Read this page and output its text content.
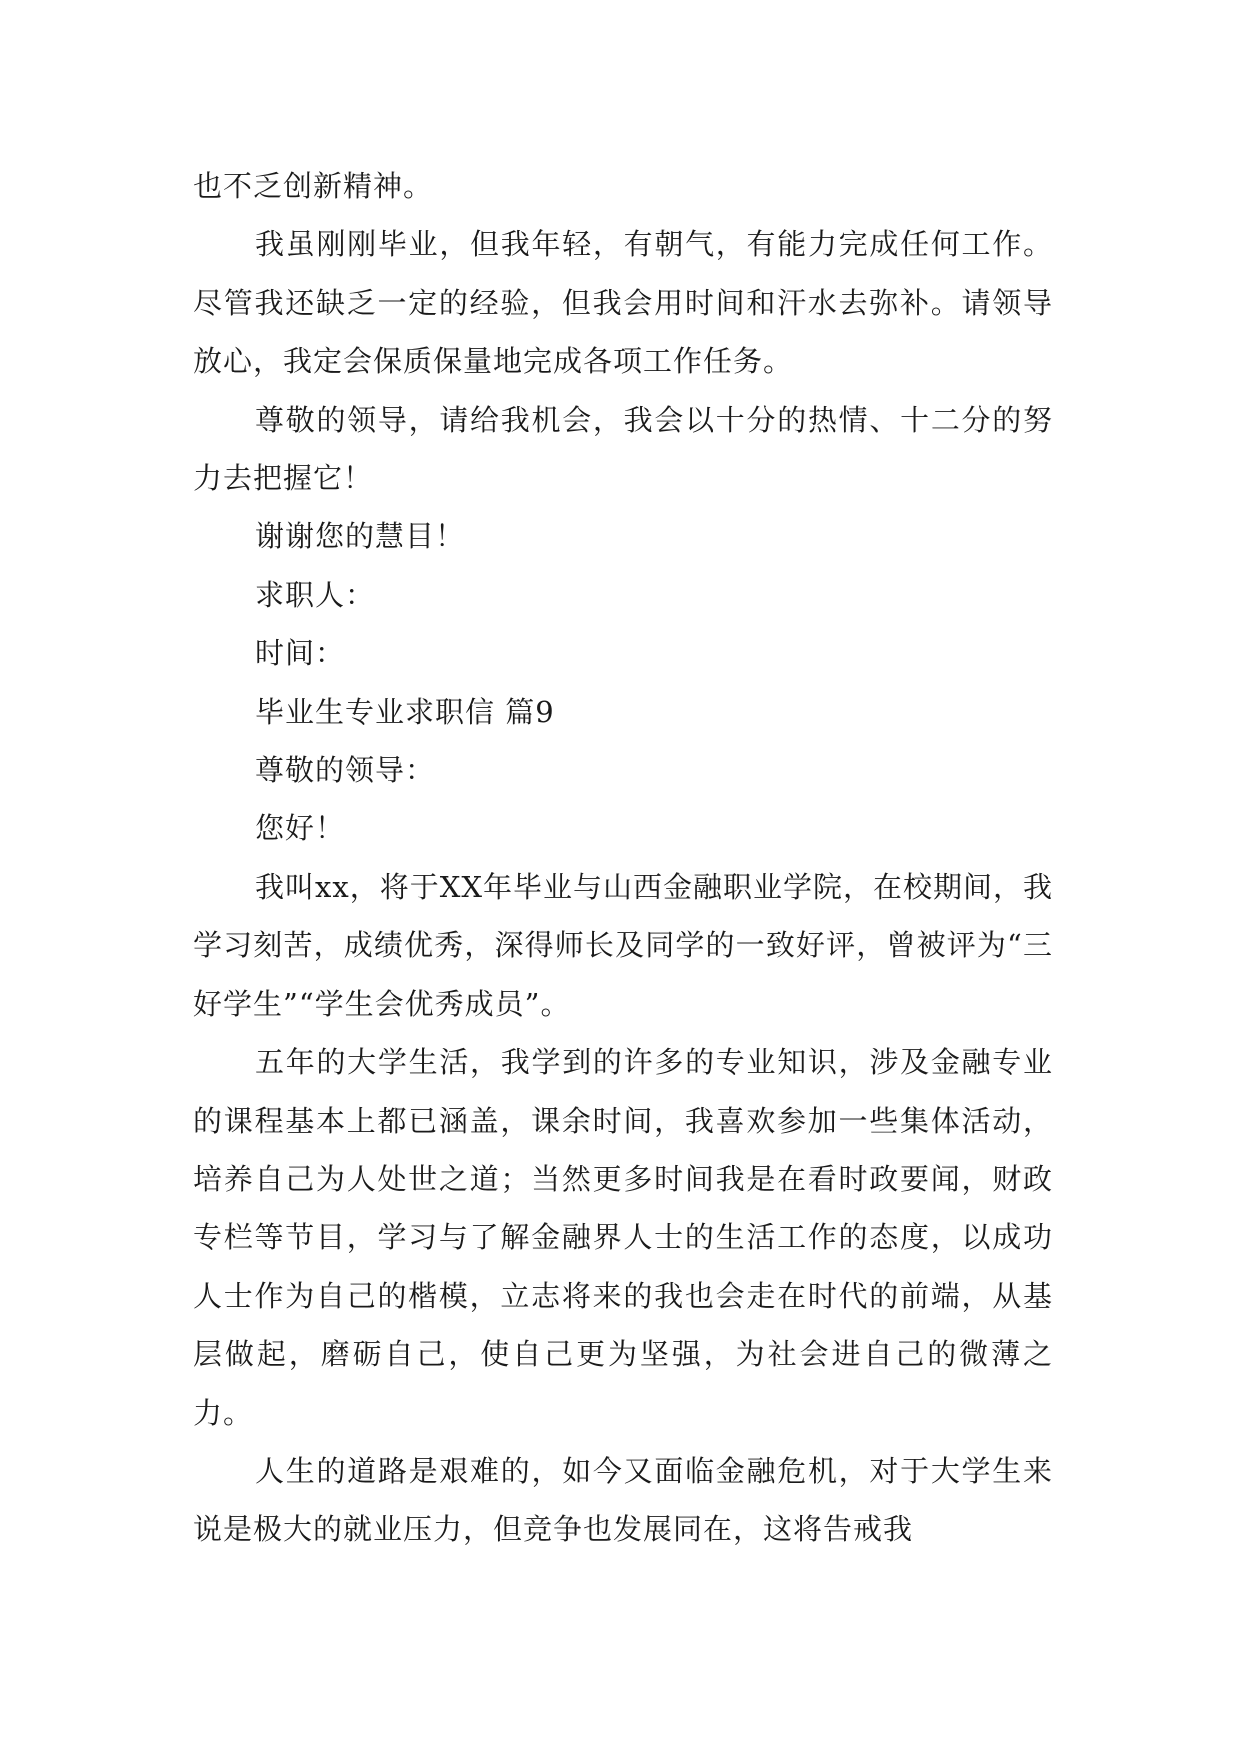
也不乏创新精神。

我虽刚刚毕业，但我年轻，有朝气，有能力完成任何工作。尽管我还缺乏一定的经验，但我会用时间和汗水去弥补。请领导放心，我定会保质保量地完成各项工作任务。

尊敬的领导，请给我机会，我会以十分的热情、十二分的努力去把握它！

谢谢您的慧目！

求职人：

时间：

毕业生专业求职信 篇9

尊敬的领导：

您好！

我叫xx，将于XX年毕业与山西金融职业学院，在校期间，我学习刻苦，成绩优秀，深得师长及同学的一致好评，曾被评为“三好学生”“学生会优秀成员”。

五年的大学生活，我学到的许多的专业知识，涉及金融专业的课程基本上都已涵盖，课余时间，我喜欢参加一些集体活动，培养自己为人处世之道；当然更多时间我是在看时政要闻，财政专栏等节目，学习与了解金融界人士的生活工作的态度，以成功人士作为自己的楷模，立志将来的我也会走在时代的前端，从基层做起，磨砺自己，使自己更为坚强，为社会进自己的微薄之力。

人生的道路是艰难的，如今又面临金融危机，对于大学生来说是极大的就业压力，但竞争也发展同在，这将告戒我
